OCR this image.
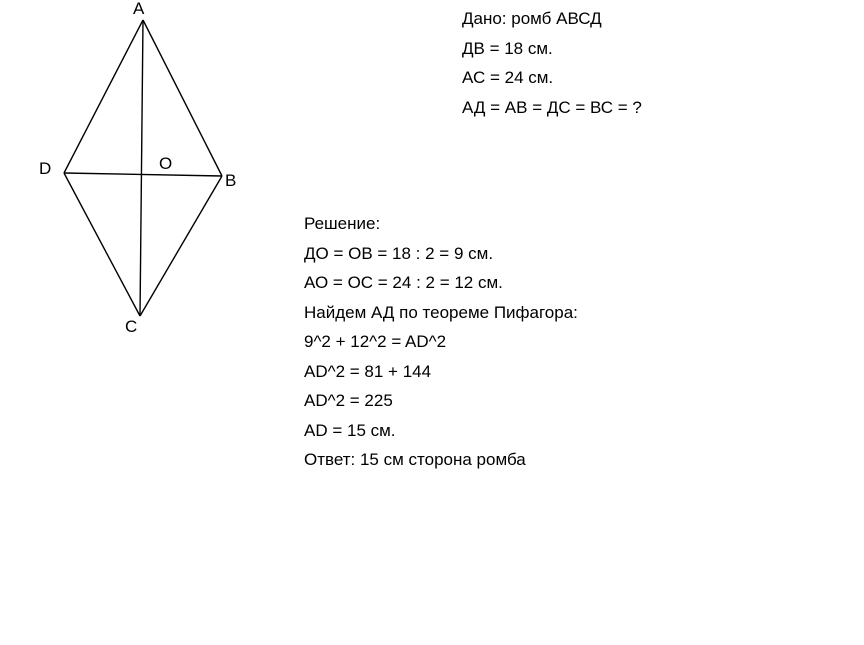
A
B
C
D	O
Дано: ромб АВСД
ДВ = 18 см.
АС = 24 см.
АД = АВ = ДС = ВС = ?
Решение:
ДО = ОВ = 18 : 2 = 9 см.
АО = ОС = 24 : 2 = 12 см.
Найдем АД по теореме Пифагора:
9^2 + 12^2 = AD^2
AD^2 = 81 + 144
AD^2 = 225
AD = 15 см.
Ответ: 15 см сторона ромба
